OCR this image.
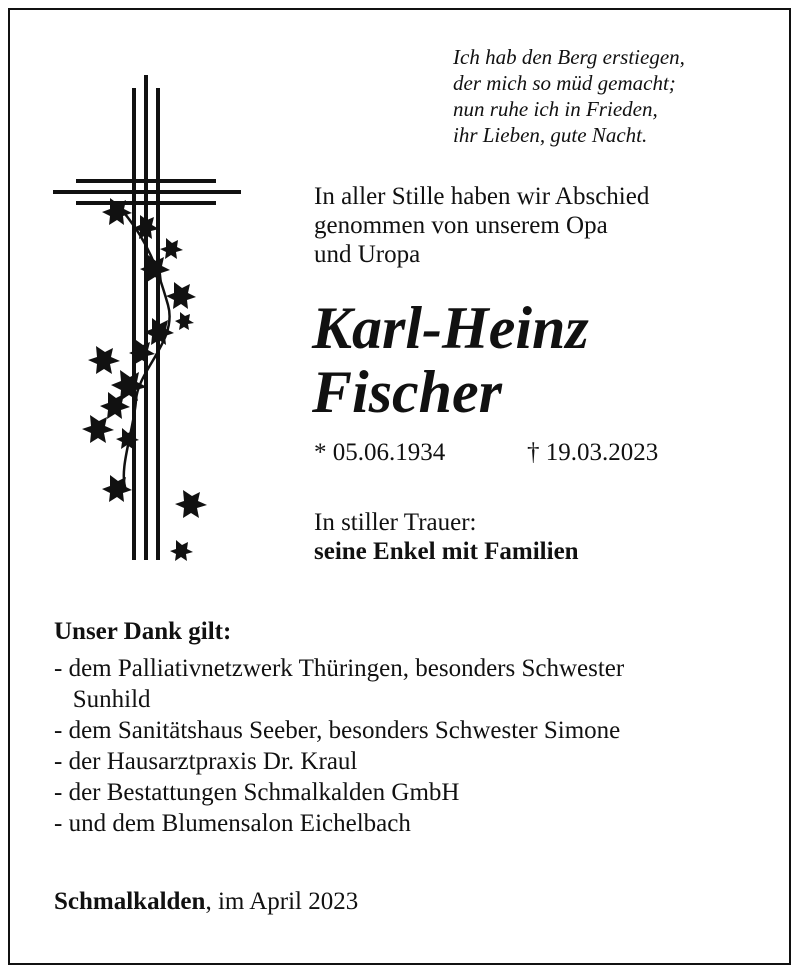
Ich hab den Berg erstiegen,
der mich so müd gemacht;
nun ruhe ich in Frieden,
ihr Lieben, gute Nacht.
In aller Stille haben wir Abschied
genommen von unserem Opa
und Uropa
Karl-Heinz
Fischer
* 05.06.1934	† 19.03.2023
In stiller Trauer:
seine Enkel mit Familien
Unser Dank gilt:
- dem Palliativnetzwerk Thüringen, besonders Schwester
Sunhild
- dem Sanitätshaus Seeber, besonders Schwester Simone
- der Hausarztpraxis Dr. Kraul
- der Bestattungen Schmalkalden GmbH
- und dem Blumensalon Eichelbach
Schmalkalden, im April 2023
